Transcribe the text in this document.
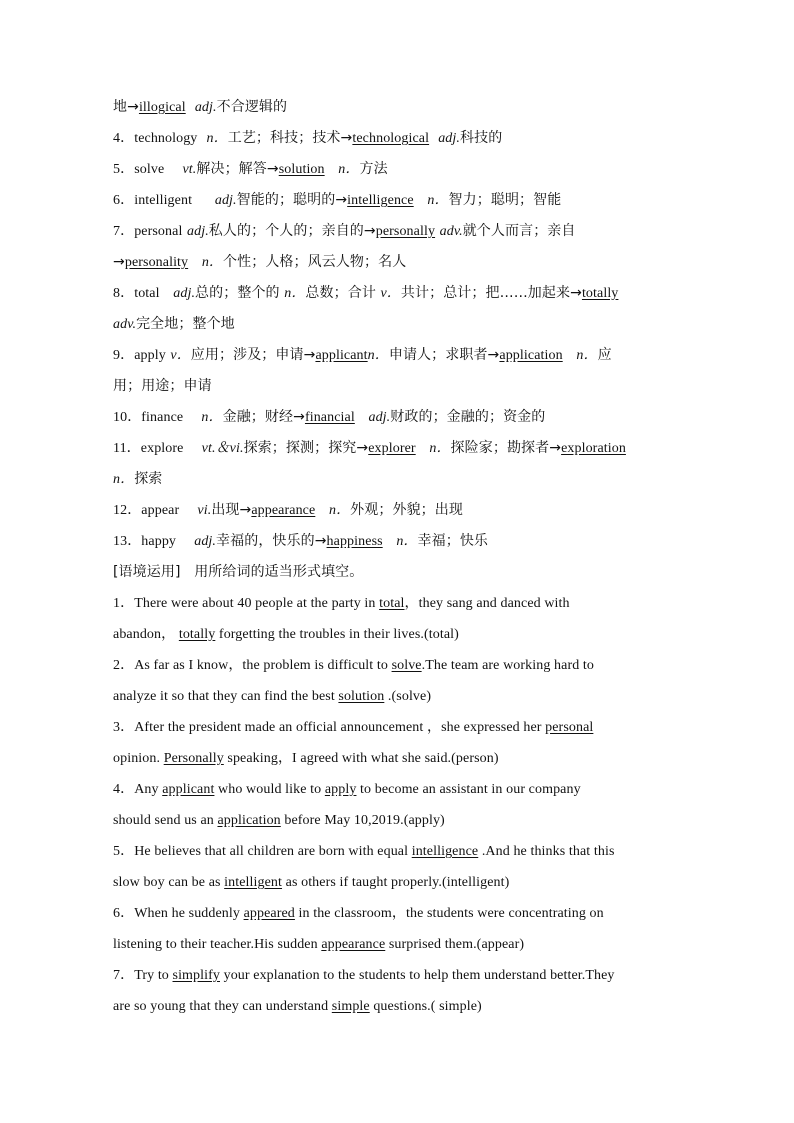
地→illogical adj.不合逻辑的
4．technology n．工艺；科技；技术→technological adj.科技的
5．solve vt.解决；解答→solution n．方法
6．intelligent adj.智能的；聪明的→intelligence n．智力；聪明；智能
7．personal adj.私人的；个人的；亲自的→personally adv.就个人而言；亲自
→personality n．个性；人格；风云人物；名人
8．total adj.总的；整个的 n．总数；合计 v．共计；总计；把……加起来→totally
adv.完全地；整个地
9．apply v．应用；涉及；申请→applicantn．申请人；求职者→application n．应
用；用途；申请
10．finance n．金融；财经→financial adj.财政的；金融的；资金的
11．explore vt.＆vi.探索；探测；探究→explorer n．探险家；勘探者→exploration
n．探索
12．appear vi.出现→appearance n．外观；外貌；出现
13．happy adj.幸福的，快乐的→happiness n．幸福；快乐
[语境运用] 用所给词的适当形式填空。
1．There were about 40 people at the party in total，they sang and danced with
abandon， totally forgetting the troubles in their lives.(total)
2．As far as I know，the problem is difficult to solve.The team are working hard to
analyze it so that they can find the best solution .(solve)
3．After the president made an official announcement ，she expressed her personal
opinion. Personally speaking，I agreed with what she said.(person)
4．Any applicant who would like to apply to become an assistant in our company
should send us an application before May 10,2019.(apply)
5．He believes that all children are born with equal intelligence .And he thinks that this
slow boy can be as intelligent as others if taught properly.(intelligent)
6．When he suddenly appeared in the classroom，the students were concentrating on
listening to their teacher.His sudden appearance surprised them.(appear)
7．Try to simplify your explanation to the students to help them understand better.They
are so young that they can understand simple questions.( simple)
